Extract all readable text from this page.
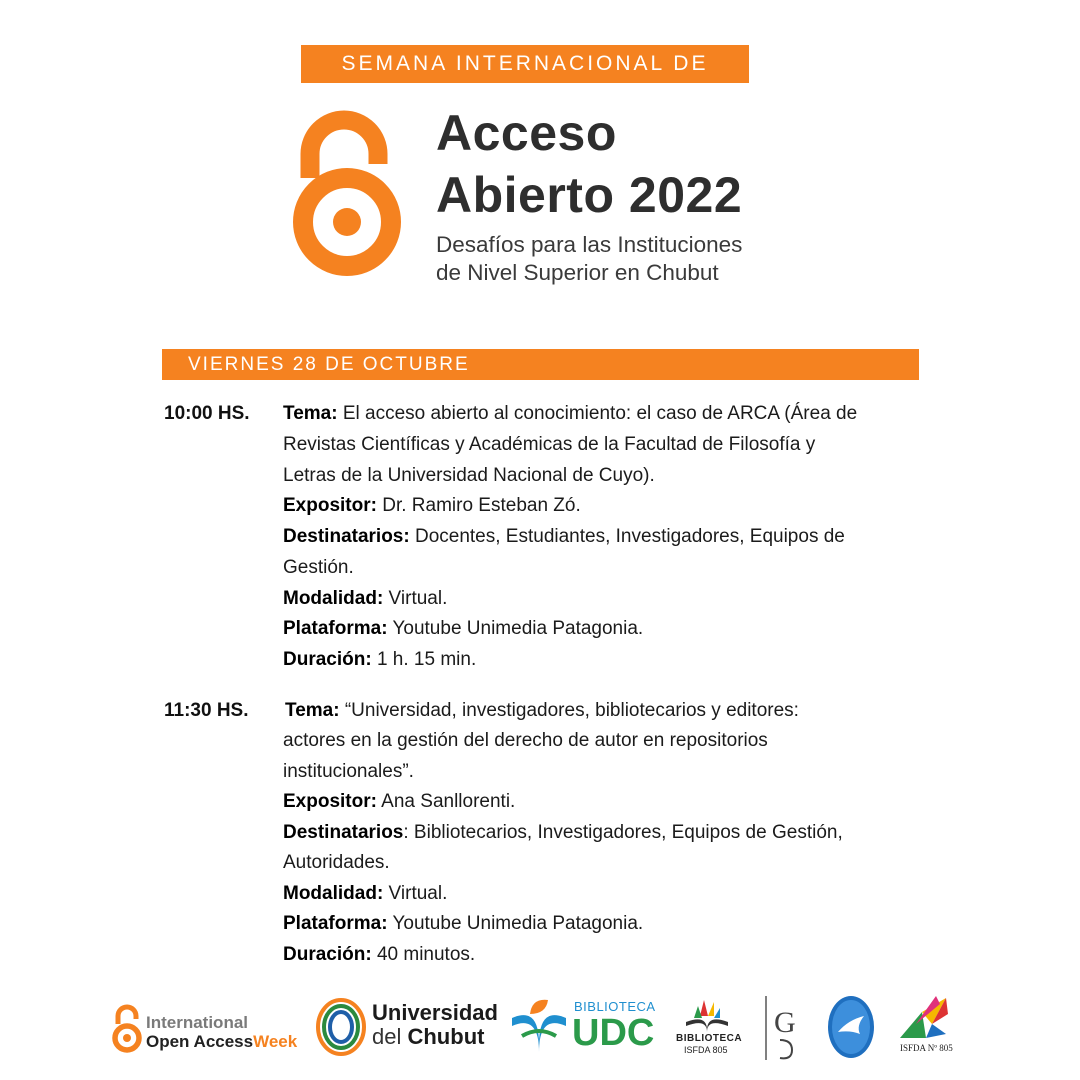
SEMANA INTERNACIONAL DE
Acceso
Abierto 2022
Desafíos para las Instituciones
de Nivel Superior en Chubut
VIERNES 28 DE OCTUBRE
10:00 HS. Tema: El acceso abierto al conocimiento: el caso de ARCA (Área de
Revistas Científicas y Académicas de la Facultad de Filosofía y
Letras de la Universidad Nacional de Cuyo).
Expositor: Dr. Ramiro Esteban Zó.
Destinatarios: Docentes, Estudiantes, Investigadores, Equipos de
Gestión.
Modalidad: Virtual.
Plataforma: Youtube Unimedia Patagonia.
Duración: 1 h. 15 min.
11:30 HS. Tema: “Universidad, investigadores, bibliotecarios y editores:
actores en la gestión del derecho de autor en repositorios
institucionales”.
Expositor: Ana Sanllorenti.
Destinatarios: Bibliotecarios, Investigadores, Equipos de Gestión,
Autoridades.
Modalidad: Virtual.
Plataforma: Youtube Unimedia Patagonia.
Duración: 40 minutos.
International
Open AccessWeek
Universidad
del Chubut
BIBLIOTECA
UDC BIBLIOTECA
ISFDA 805
G
ISFDA Nº 805
